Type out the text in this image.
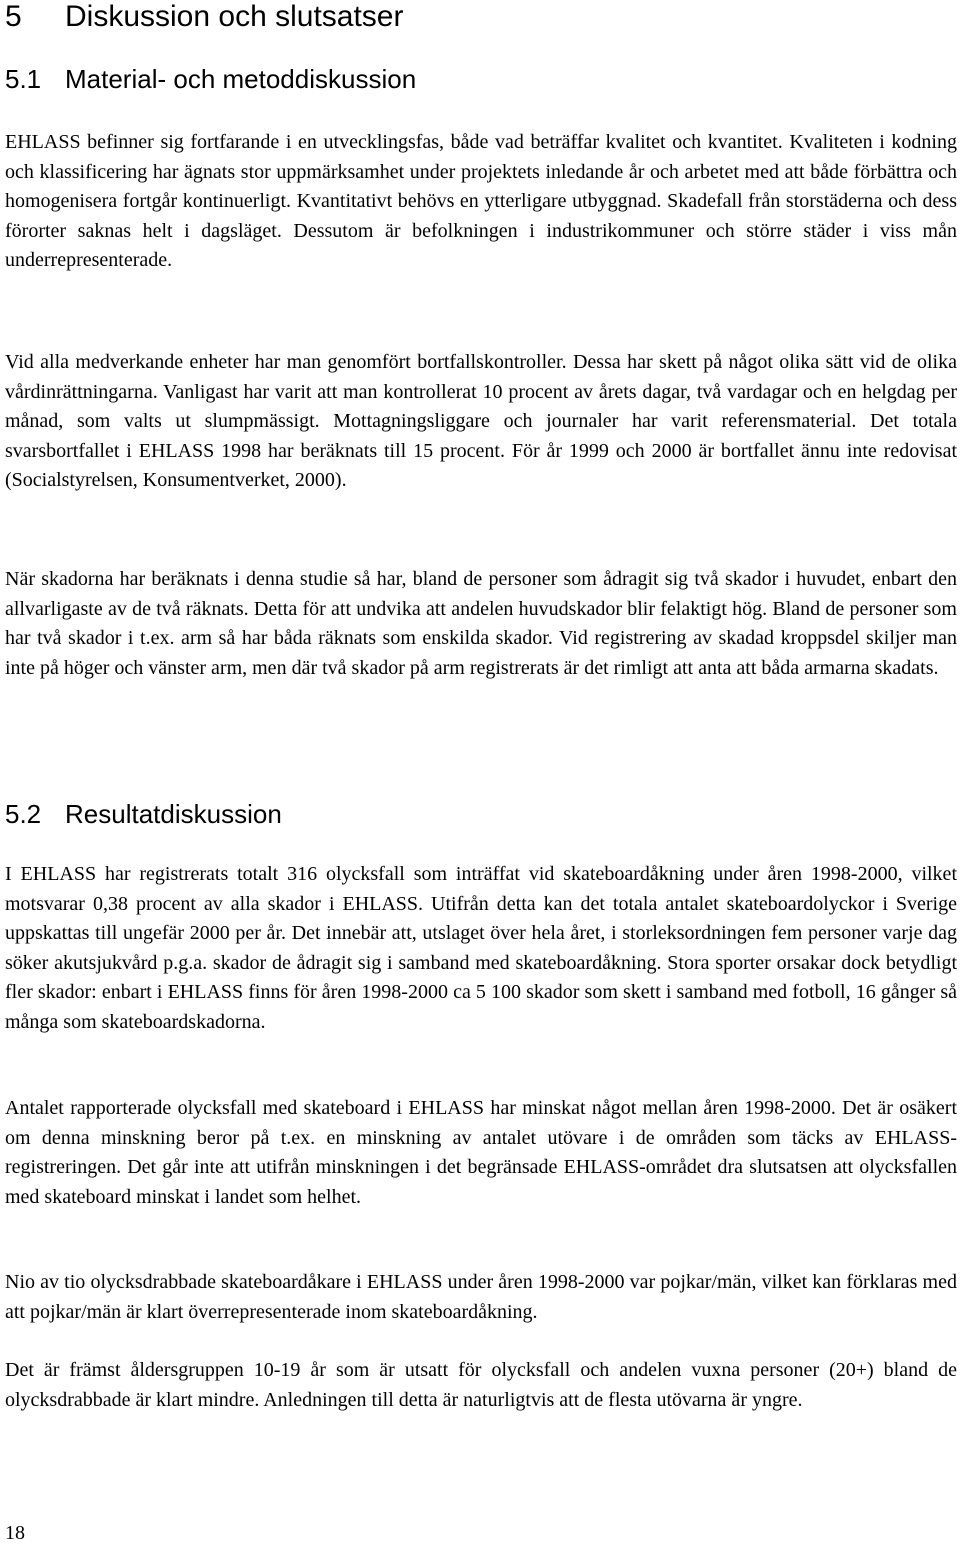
5 Diskussion och slutsatser
5.1 Material- och metoddiskussion

EHLASS befinner sig fortfarande i en utvecklingsfas, både vad beträffar kvalitet och kvantitet. Kvaliteten i kodning och klassificering har ägnats stor uppmärksamhet under projektets inledande år och arbetet med att både förbättra och homogenisera fortgår kontinuerligt. Kvantitativt behövs en ytterligare utbyggnad. Skadefall från storstäderna och dess förorter saknas helt i dagsläget. Dessutom är befolkningen i industrikommuner och större städer i viss mån underrepresenterade.

Vid alla medverkande enheter har man genomfört bortfallskontroller. Dessa har skett på något olika sätt vid de olika vårdinrättningarna. Vanligast har varit att man kontrollerat 10 procent av årets dagar, två vardagar och en helgdag per månad, som valts ut slumpmässigt. Mottagningsliggare och journaler har varit referensmaterial. Det totala svarsbortfallet i EHLASS 1998 har beräknats till 15 procent. För år 1999 och 2000 är bortfallet ännu inte redovisat (Socialstyrelsen, Konsumentverket, 2000).

När skadorna har beräknats i denna studie så har, bland de personer som ådragit sig två skador i huvudet, enbart den allvarligaste av de två räknats. Detta för att undvika att andelen huvudskador blir felaktigt hög. Bland de personer som har två skador i t.ex. arm så har båda räknats som enskilda skador. Vid registrering av skadad kroppsdel skiljer man inte på höger och vänster arm, men där två skador på arm registrerats är det rimligt att anta att båda armarna skadats.

5.2 Resultatdiskussion

I EHLASS har registrerats totalt 316 olycksfall som inträffat vid skateboardåkning under åren 1998-2000, vilket motsvarar 0,38 procent av alla skador i EHLASS. Utifrån detta kan det totala antalet skateboardolyckor i Sverige uppskattas till ungefär 2000 per år. Det innebär att, utslaget över hela året, i storleksordningen fem personer varje dag söker akutsjukvård p.g.a. skador de ådragit sig i samband med skateboardåkning. Stora sporter orsakar dock betydligt fler skador: enbart i EHLASS finns för åren 1998-2000 ca 5 100 skador som skett i samband med fotboll, 16 gånger så många som skateboardskadorna.

Antalet rapporterade olycksfall med skateboard i EHLASS har minskat något mellan åren 1998-2000. Det är osäkert om denna minskning beror på t.ex. en minskning av antalet utövare i de områden som täcks av EHLASS-registreringen. Det går inte att utifrån minskningen i det begränsade EHLASS-området dra slutsatsen att olycksfallen med skateboard minskat i landet som helhet.

Nio av tio olycksdrabbade skateboardåkare i EHLASS under åren 1998-2000 var pojkar/män, vilket kan förklaras med att pojkar/män är klart överrepresenterade inom skateboardåkning.

Det är främst åldersgruppen 10-19 år som är utsatt för olycksfall och andelen vuxna personer (20+) bland de olycksdrabbade är klart mindre. Anledningen till detta är naturligtvis att de flesta utövarna är yngre.

18
